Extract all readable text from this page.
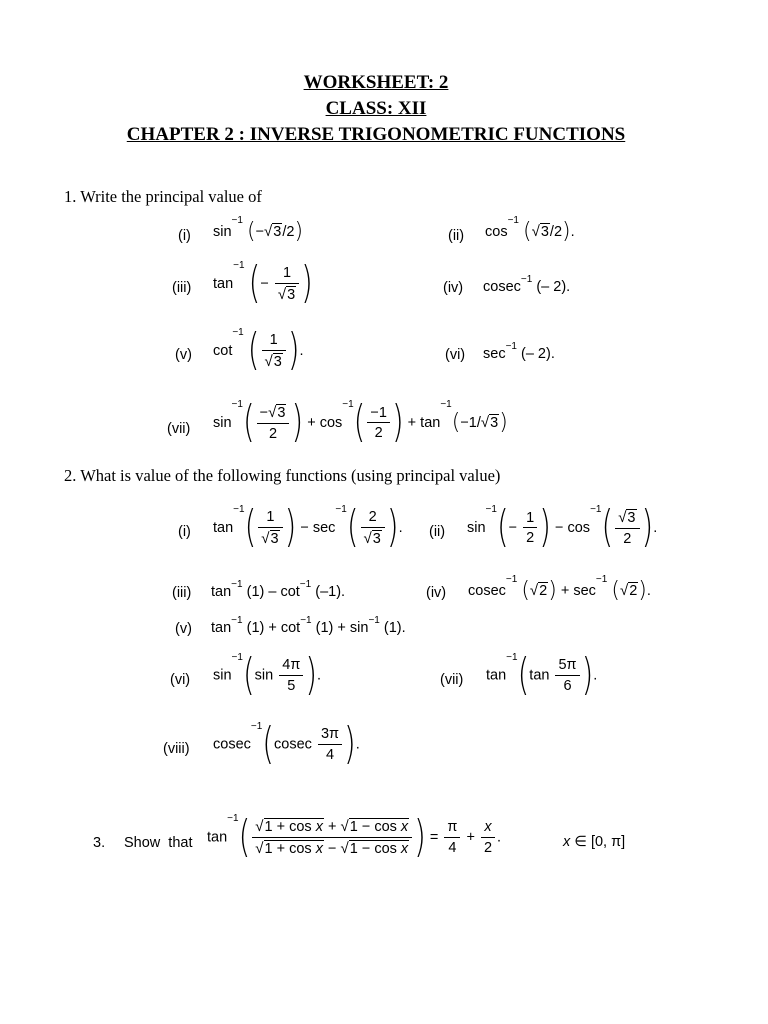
WORKSHEET: 2
CLASS: XII
CHAPTER 2 : INVERSE TRIGONOMETRIC FUNCTIONS
1. Write the principal value of
(i) $\sin^{-1} (-√3/2)$	(ii) $\cos^{-1} (√3/2)$.
(iii) $\tan^{-1}$ (− $\frac{1}{√3}$ )	(iv) cosec$^{-1}$ (– 2).
(v) $\cot^{-1}$ ( $\frac{1}{√3}$ ).	(vi) $\sec^{-1}$ (– 2).
(vii) $\sin^{-1}( \frac{-√3}{2}$ ) + $\cos^{-1}( \frac{-1}{2}$ ) + $\tan^{-1}(-1/√3)$
2. What is value of the following functions (using principal value)
(i) $\tan^{-1}( \frac{1}{√3}$ ) − $\sec^{-1}( \frac{2}{√3}$ ). (ii) $\sin^{-1}(- \frac{1}{2}$ ) − $\cos^{-1}( \frac{√3}{2}$ ).
(iii) $\tan^{-1} (1) - \cot^{-1} (-1)$.	(iv) cosec$^{-1}$ $(√2) + \sec^{-1} (√2)$.
(v) $\tan^{-1} (1) + \cot^{-1} (1) + \sin^{-1} (1)$.
(vi) $\sin^{-1}(\sin \frac{4\pi}{5}$ ).	(vii) $\tan^{-1}(\tan \frac{5\pi}{6}$ ).
(viii) $cosec^{-1}(cosec \frac{3\pi}{4}$ ).
3. Show that $\tan^{-1}( \frac{\text{√1 + cos x + √1 − cos x}}{\text{√1 + cos x − √1 − cos x}}$ ) = $\frac{\pi}{4} + \frac{x}{2}$ .	x ∈ [0, π]
